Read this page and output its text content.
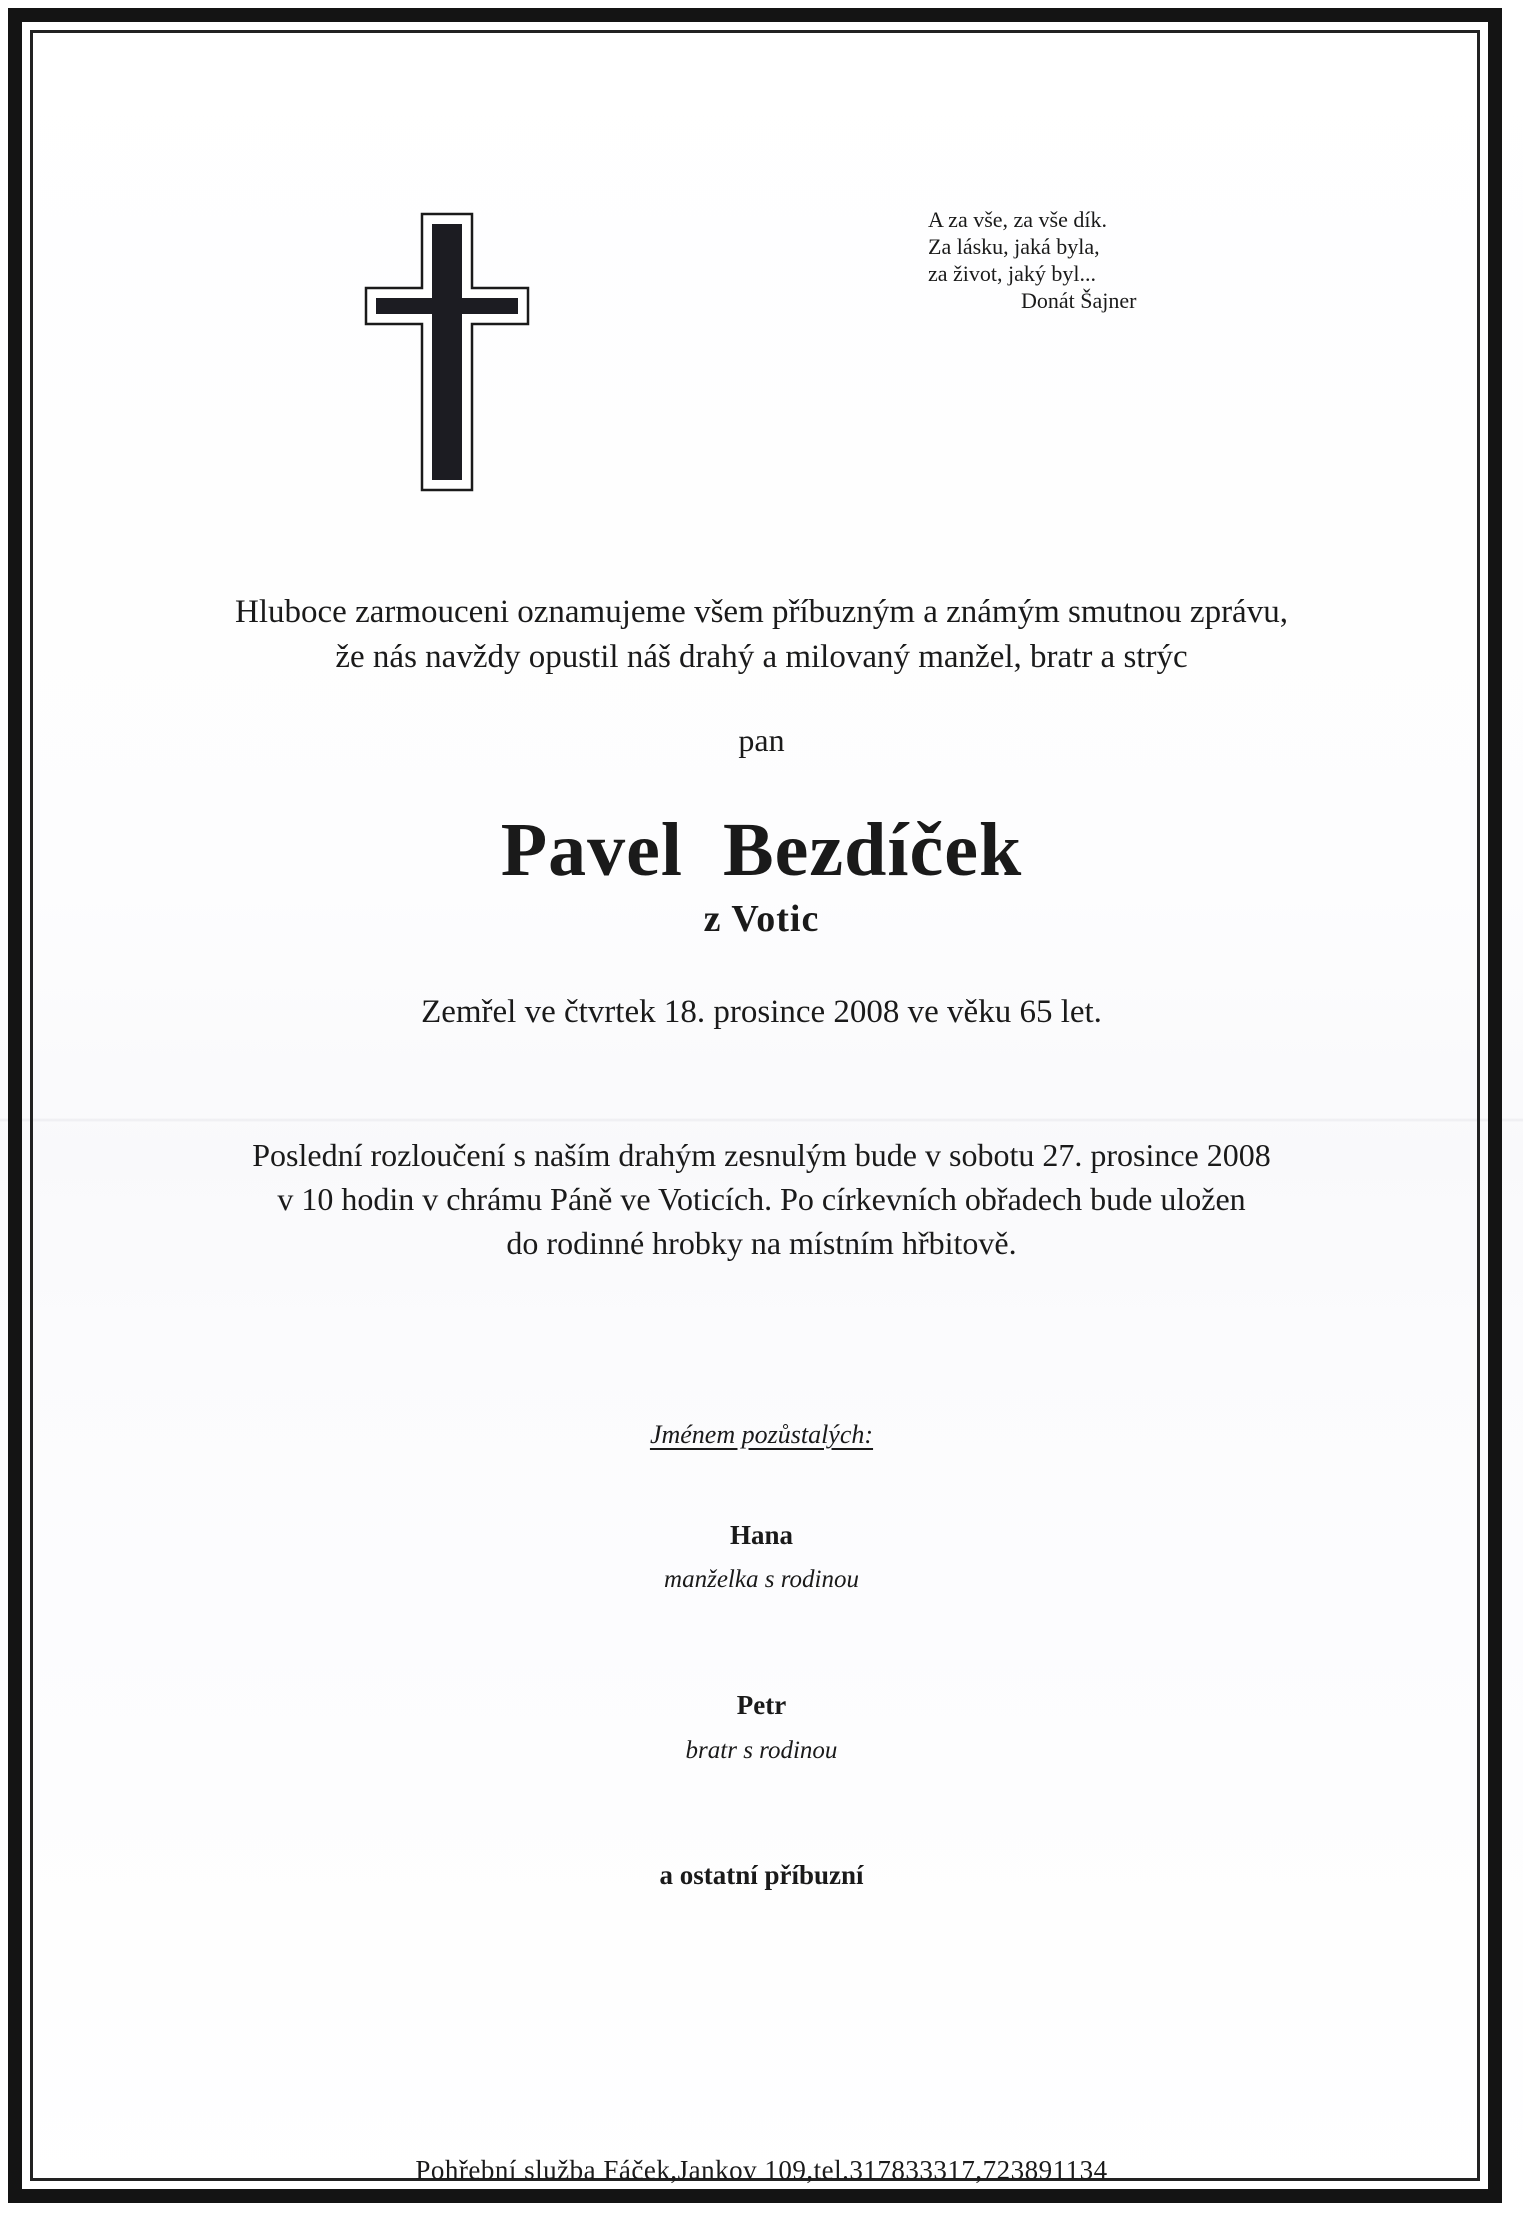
A za vše, za vše dík.
Za lásku, jaká byla,
za život, jaký byl...
Donát Šajner
Hluboce zarmouceni oznamujeme všem příbuzným a známým smutnou zprávu,
že nás navždy opustil náš drahý a milovaný manžel, bratr a strýc
pan
Pavel  Bezdíček
z Votic
Zemřel ve čtvrtek 18. prosince 2008 ve věku 65 let.
Poslední rozloučení s naším drahým zesnulým bude v sobotu 27. prosince 2008
v 10 hodin v chrámu Páně ve Voticích. Po církevních obřadech bude uložen
do rodinné hrobky na místním hřbitově.
Jménem pozůstalých:
Hana
manželka s rodinou
Petr
bratr s rodinou
a ostatní příbuzní
Pohřební služba Fáček,Jankov 109,tel.317833317,723891134
